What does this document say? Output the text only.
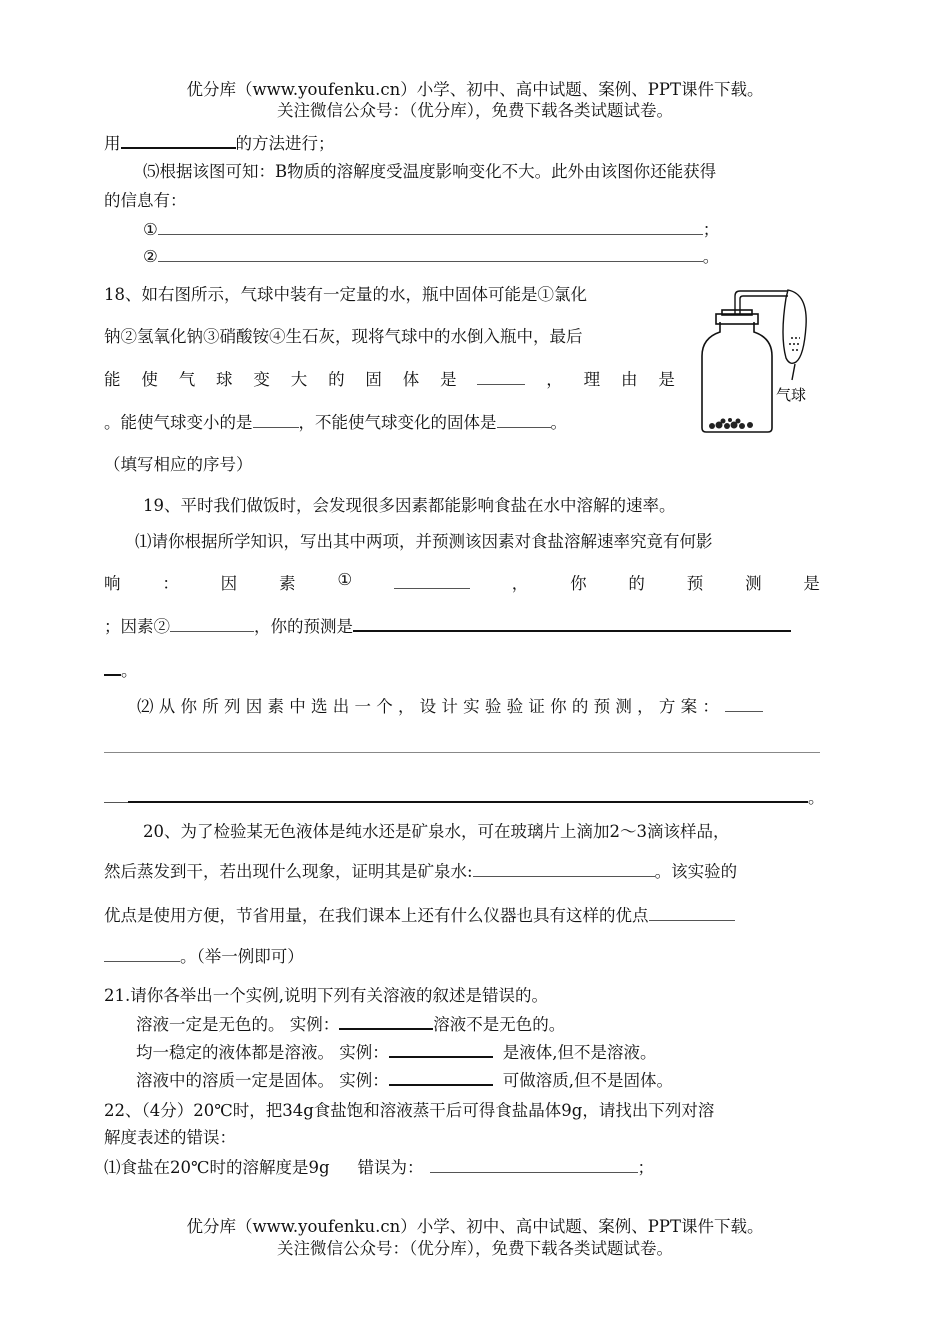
优分库（www.youfenku.cn）小学、初中、高中试题、案例、PPT课件下载。
关注微信公众号：（优分库），免费下载各类试题试卷。
用	的方法进行；
⑸根据该图可知：B物质的溶解度受温度影响变化不大。此外由该图你还能获得
的信息有：
①	；
②	。
18、如右图所示，气球中装有一定量的水，瓶中固体可能是①氯化
钠②氢氧化钠③硝酸铵④生石灰，现将气球中的水倒入瓶中，最后
能 使 气 球 变 大 的 固 体 是	， 理 由 是
。能使气球变小的是	，不能使气球变化的固体是	。
（填写相应的序号）
气球
19、平时我们做饭时，会发现很多因素都能影响食盐在水中溶解的速率。
⑴请你根据所学知识，写出其中两项，并预测该因素对食盐溶解速率究竟有何影
响	：	因	素	①	，	你	的	预	测	是
；因素②	，你的预测是
。
⑵ 从 你 所 列 因 素 中 选 出 一 个 ， 设 计 实 验 验 证 你 的 预 测 ， 方 案 ：
。
20、为了检验某无色液体是纯水还是矿泉水，可在玻璃片上滴加2～3滴该样品，
然后蒸发到干，若出现什么现象，证明其是矿泉水:	。该实验的
优点是使用方便，节省用量，在我们课本上还有什么仪器也具有这样的优点
。（举一例即可）
21.请你各举出一个实例,说明下列有关溶液的叙述是错误的。
溶液一定是无色的。 实例：	溶液不是无色的。
均一稳定的液体都是溶液。 实例：	是液体,但不是溶液。
溶液中的溶质一定是固体。 实例：	可做溶质,但不是固体。
22、（4分）20℃时，把34g食盐饱和溶液蒸干后可得食盐晶体9g，请找出下列对溶
解度表述的错误：
⑴食盐在20℃时的溶解度是9g 错误为：	；
优分库（www.youfenku.cn）小学、初中、高中试题、案例、PPT课件下载。
关注微信公众号：（优分库），免费下载各类试题试卷。
